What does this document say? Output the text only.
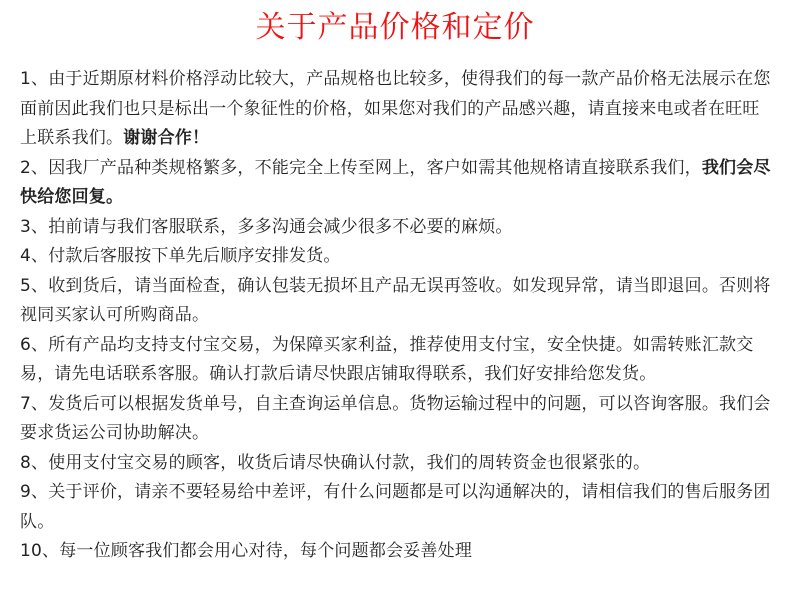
关于产品价格和定价

1、由于近期原材料价格浮动比较大，产品规格也比较多，使得我们的每一款产品价格无法展示在您面前因此我们也只是标出一个象征性的价格，如果您对我们的产品感兴趣，请直接来电或者在旺旺上联系我们。谢谢合作！

2、因我厂产品种类规格繁多，不能完全上传至网上，客户如需其他规格请直接联系我们，我们会尽快给您回复。

3、拍前请与我们客服联系，多多沟通会减少很多不必要的麻烦。

4、付款后客服按下单先后顺序安排发货。

5、收到货后，请当面检查，确认包装无损坏且产品无误再签收。如发现异常，请当即退回。否则将视同买家认可所购商品。

6、所有产品均支持支付宝交易，为保障买家利益，推荐使用支付宝，安全快捷。如需转账汇款交易，请先电话联系客服。确认打款后请尽快跟店铺取得联系，我们好安排给您发货。

7、发货后可以根据发货单号，自主查询运单信息。货物运输过程中的问题，可以咨询客服。我们会要求货运公司协助解决。

8、使用支付宝交易的顾客，收货后请尽快确认付款，我们的周转资金也很紧张的。

9、关于评价，请亲不要轻易给中差评，有什么问题都是可以沟通解决的，请相信我们的售后服务团队。

10、每一位顾客我们都会用心对待，每个问题都会妥善处理
